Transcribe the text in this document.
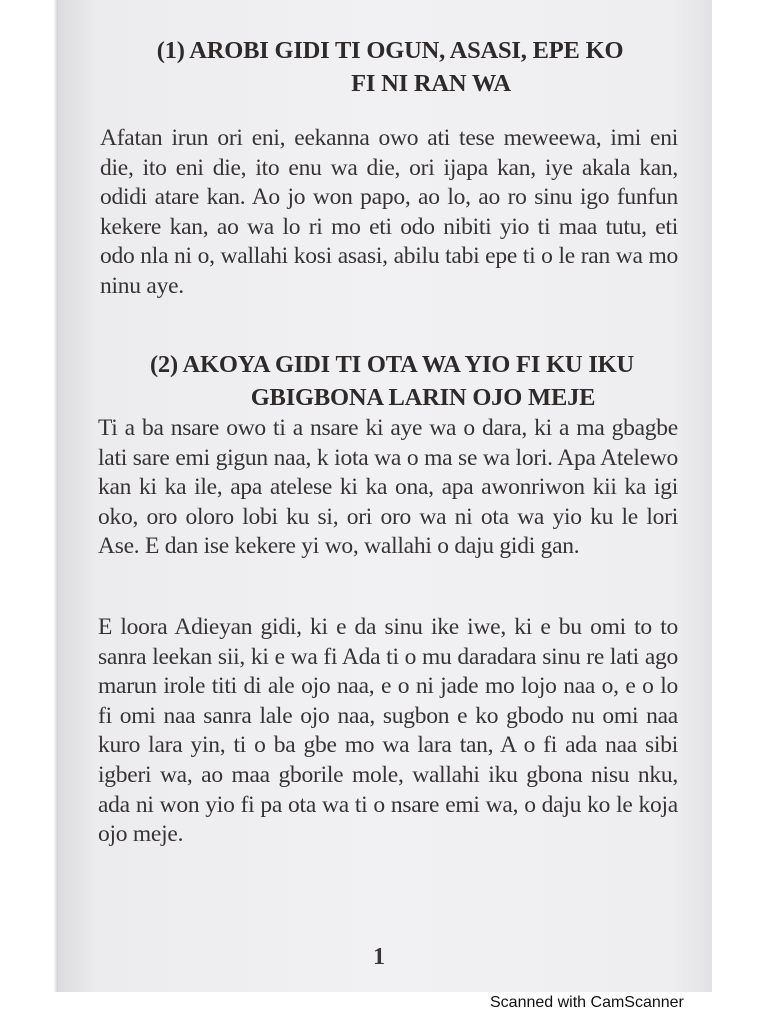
(1) AROBI GIDI TI OGUN, ASASI, EPE KO
FI NI RAN WA

Afatan irun ori eni, eekanna owo ati tese meweewa, imi eni die, ito eni die, ito enu wa die, ori ijapa kan, iye akala kan, odidi atare kan. Ao jo won papo, ao lo, ao ro sinu igo funfun kekere kan, ao wa lo ri mo eti odo nibiti yio ti maa tutu, eti odo nla ni o, wallahi kosi asasi, abilu tabi epe ti o le ran wa mo ninu aye.

(2) AKOYA GIDI TI OTA WA YIO FI KU IKU
GBIGBONA LARIN OJO MEJE

Ti a ba nsare owo ti a nsare ki aye wa o dara, ki a ma gbagbe lati sare emi gigun naa, k iota wa o ma se wa lori. Apa Atelewo kan ki ka ile, apa atelese ki ka ona, apa awonriwon kii ka igi oko, oro oloro lobi ku si, ori oro wa ni ota wa yio ku le lori Ase. E dan ise kekere yi wo, wallahi o daju gidi gan.

E loora Adieyan gidi, ki e da sinu ike iwe, ki e bu omi to to sanra leekan sii, ki e wa fi Ada ti o mu daradara sinu re lati ago marun irole titi di ale ojo naa, e o ni jade mo lojo naa o, e o lo fi omi naa sanra lale ojo naa, sugbon e ko gbodo nu omi naa kuro lara yin, ti o ba gbe mo wa lara tan, A o fi ada naa sibi igberi wa, ao maa gborile mole, wallahi iku gbona nisu nku, ada ni won yio fi pa ota wa ti o nsare emi wa, o daju ko le koja ojo meje.

1
Scanned with CamScanner
